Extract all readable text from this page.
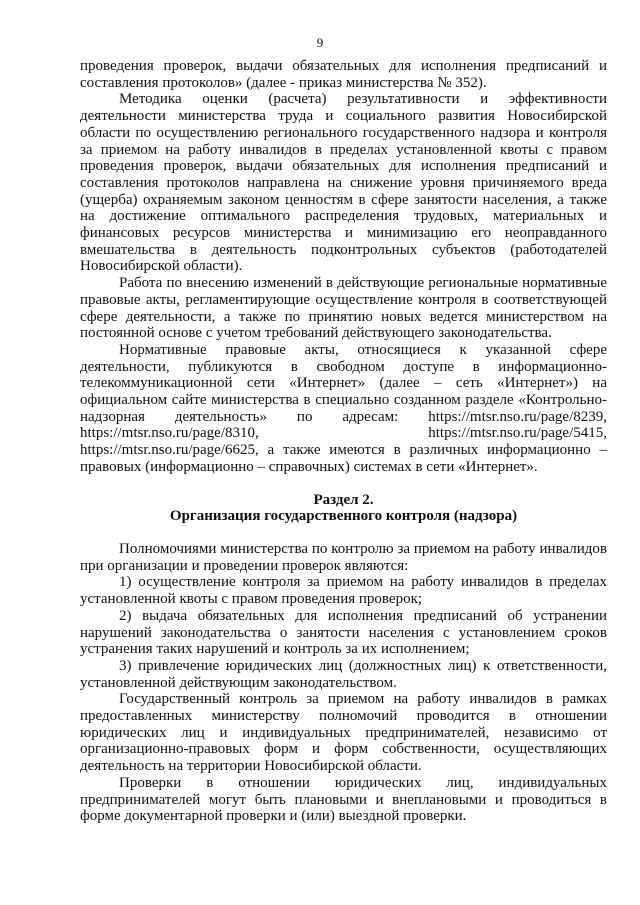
9

проведения проверок, выдачи обязательных для исполнения предписаний и составления протоколов» (далее - приказ министерства № 352).

Методика оценки (расчета) результативности и эффективности деятельности министерства труда и социального развития Новосибирской области по осуществлению регионального государственного надзора и контроля за приемом на работу инвалидов в пределах установленной квоты с правом проведения проверок, выдачи обязательных для исполнения предписаний и составления протоколов направлена на снижение уровня причиняемого вреда (ущерба) охраняемым законом ценностям в сфере занятости населения, а также на достижение оптимального распределения трудовых, материальных и финансовых ресурсов министерства и минимизацию его неоправданного вмешательства в деятельность подконтрольных субъектов (работодателей Новосибирской области).

Работа по внесению изменений в действующие региональные нормативные правовые акты, регламентирующие осуществление контроля в соответствующей сфере деятельности, а также по принятию новых ведется министерством на постоянной основе с учетом требований действующего законодательства.

Нормативные правовые акты, относящиеся к указанной сфере деятельности, публикуются в свободном доступе в информационно-телекоммуникационной сети «Интернет» (далее – сеть «Интернет») на официальном сайте министерства в специально созданном разделе «Контрольно-надзорная деятельность» по адресам: https://mtsr.nso.ru/page/8239, https://mtsr.nso.ru/page/8310, https://mtsr.nso.ru/page/5415, https://mtsr.nso.ru/page/6625, а также имеются в различных информационно – правовых (информационно – справочных) системах в сети «Интернет».

Раздел 2.
Организация государственного контроля (надзора)

Полномочиями министерства по контролю за приемом на работу инвалидов при организации и проведении проверок являются:

1) осуществление контроля за приемом на работу инвалидов в пределах установленной квоты с правом проведения проверок;

2) выдача обязательных для исполнения предписаний об устранении нарушений законодательства о занятости населения с установлением сроков устранения таких нарушений и контроль за их исполнением;

3) привлечение юридических лиц (должностных лиц) к ответственности, установленной действующим законодательством.

Государственный контроль за приемом на работу инвалидов в рамках предоставленных министерству полномочий проводится в отношении юридических лиц и индивидуальных предпринимателей, независимо от организационно-правовых форм и форм собственности, осуществляющих деятельность на территории Новосибирской области.

Проверки в отношении юридических лиц, индивидуальных предпринимателей могут быть плановыми и внеплановыми и проводиться в форме документарной проверки и (или) выездной проверки.
